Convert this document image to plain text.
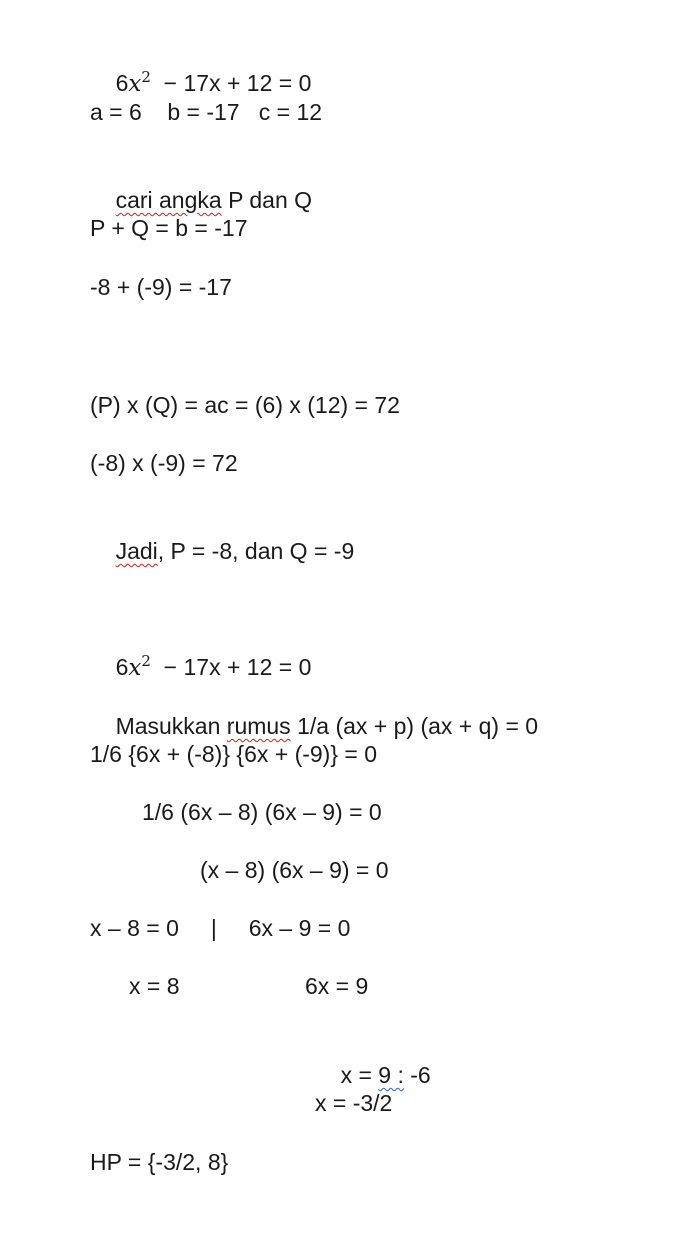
$6x^2 - 17x + 12 = 0$

a = 6    b = -17   c = 12

cari angka P dan Q

P + Q = b = -17
-8 + (-9) = -17
(P) x (Q) = ac = (6) x (12) = 72
(-8) x (-9) = 72

Jadi, P = -8, dan Q = -9

$6x^2 - 17x + 12 = 0$

Masukkan rumus 1/a (ax + p) (ax + q) = 0

1/6 {6x + (-8)} {6x + (-9)} = 0
1/6 (6x – 8) (6x – 9) = 0
(x – 8) (6x – 9) = 0
x – 8 = 0     |     6x – 9 = 0
x = 8	6x = 9

x = 9 : -6

x = -3/2
HP = {-3/2, 8}
